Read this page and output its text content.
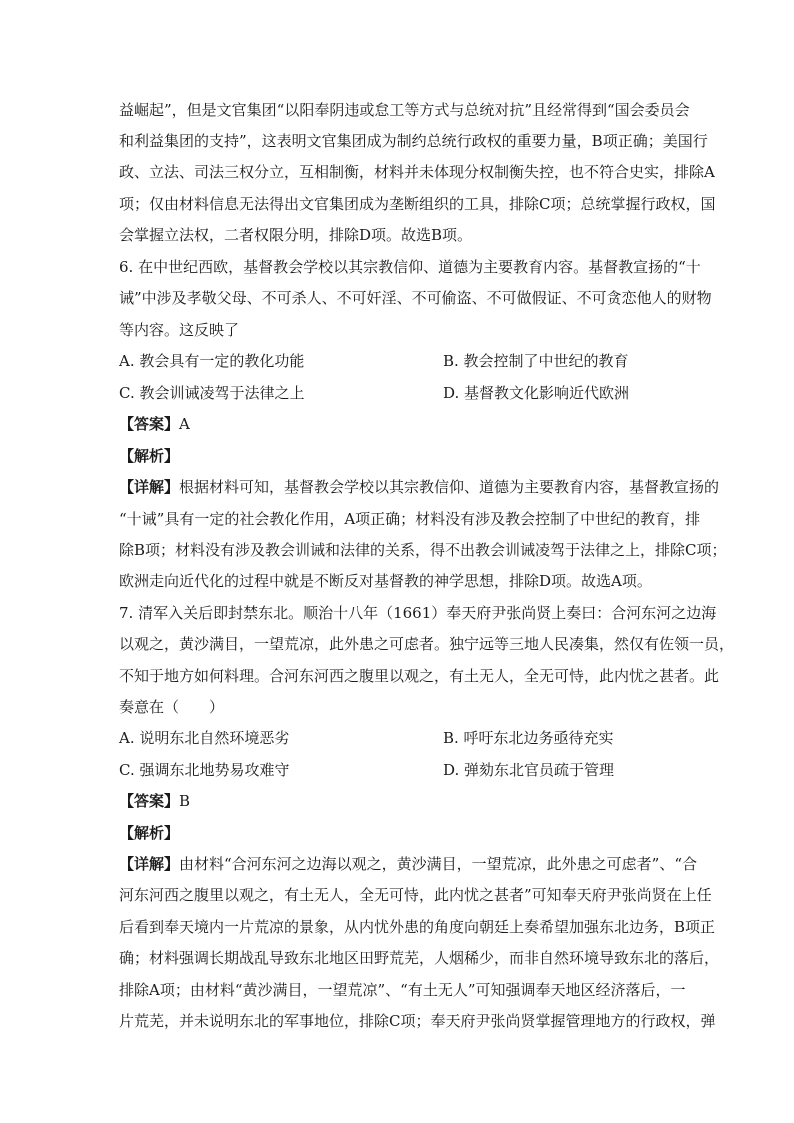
益崛起”，但是文官集团“以阳奉阴违或怠工等方式与总统对抗”且经常得到“国会委员会
和利益集团的支持”，这表明文官集团成为制约总统行政权的重要力量，B项正确；美国行
政、立法、司法三权分立，互相制衡，材料并未体现分权制衡失控，也不符合史实，排除A
项；仅由材料信息无法得出文官集团成为垄断组织的工具，排除C项；总统掌握行政权，国
会掌握立法权，二者权限分明，排除D项。故选B项。
6. 在中世纪西欧，基督教会学校以其宗教信仰、道德为主要教育内容。基督教宣扬的“十
诫”中涉及孝敬父母、不可杀人、不可奸淫、不可偷盗、不可做假证、不可贪恋他人的财物
等内容。这反映了
A. 教会具有一定的教化功能	B. 教会控制了中世纪的教育
C. 教会训诫凌驾于法律之上	D. 基督教文化影响近代欧洲
【答案】A
【解析】
【详解】根据材料可知，基督教会学校以其宗教信仰、道德为主要教育内容，基督教宣扬的
“十诫”具有一定的社会教化作用，A项正确；材料没有涉及教会控制了中世纪的教育，排
除B项；材料没有涉及教会训诫和法律的关系，得不出教会训诫凌驾于法律之上，排除C项；
欧洲走向近代化的过程中就是不断反对基督教的神学思想，排除D项。故选A项。
7. 清军入关后即封禁东北。顺治十八年（1661）奉天府尹张尚贤上奏曰：合河东河之边海
以观之，黄沙满目，一望荒凉，此外患之可虑者。独宁远等三地人民凑集，然仅有佐领一员，
不知于地方如何料理。合河东河西之腹里以观之，有土无人，全无可恃，此内忧之甚者。此
奏意在（　　）
A. 说明东北自然环境恶劣	B. 呼吁东北边务亟待充实
C. 强调东北地势易攻难守	D. 弹劾东北官员疏于管理
【答案】B
【解析】
【详解】由材料“合河东河之边海以观之，黄沙满目，一望荒凉，此外患之可虑者”、“合
河东河西之腹里以观之，有土无人，全无可恃，此内忧之甚者”可知奉天府尹张尚贤在上任
后看到奉天境内一片荒凉的景象，从内忧外患的角度向朝廷上奏希望加强东北边务，B项正
确；材料强调长期战乱导致东北地区田野荒芜，人烟稀少，而非自然环境导致东北的落后，
排除A项；由材料“黄沙满目，一望荒凉”、“有土无人”可知强调奉天地区经济落后，一
片荒芜，并未说明东北的军事地位，排除C项；奉天府尹张尚贤掌握管理地方的行政权，弹
